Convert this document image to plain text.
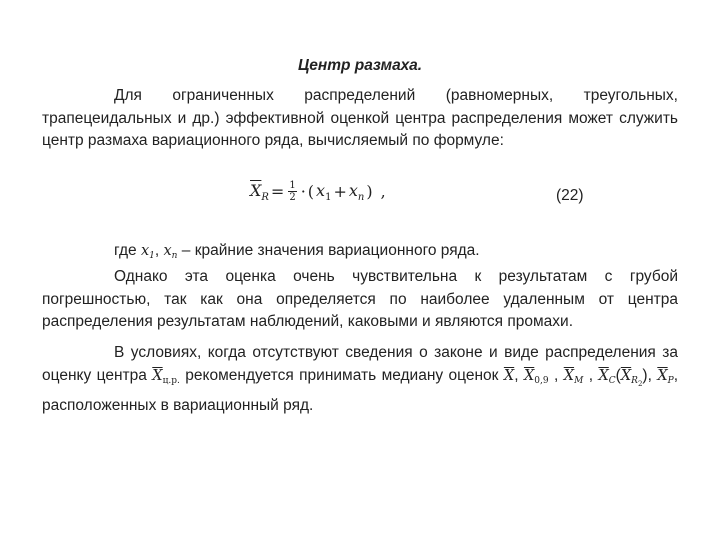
Центр размаха.

Для ограниченных распределений (равномерных, треугольных, трапецеидальных и др.) эффективной оценкой центра распределения может служить центр размаха вариационного ряда, вычисляемый по формуле:

$\overline{X}_R = \frac{1}{2}$ · ( $x_1 + x_n$ ) ,	(22)

где $x_1$, $x_n$ – крайние значения вариационного ряда.

Однако эта оценка очень чувствительна к результатам с грубой погрешностью, так как она определяется по наиболее удаленным от центра распределения результатам наблюдений, каковыми и являются промахи.

В условиях, когда отсутствуют сведения о законе и виде распределения за оценку центра $\overline{X}_{ц.р.}$ рекомендуется принимать медиану оценок $\overline{X}$, $\overline{X}_{0,9}$ , $\overline{X}_M$ , $\overline{X}_C(\overline{X}_{R2})$, $\overline{X}_P$, расположенных в вариационный ряд.
